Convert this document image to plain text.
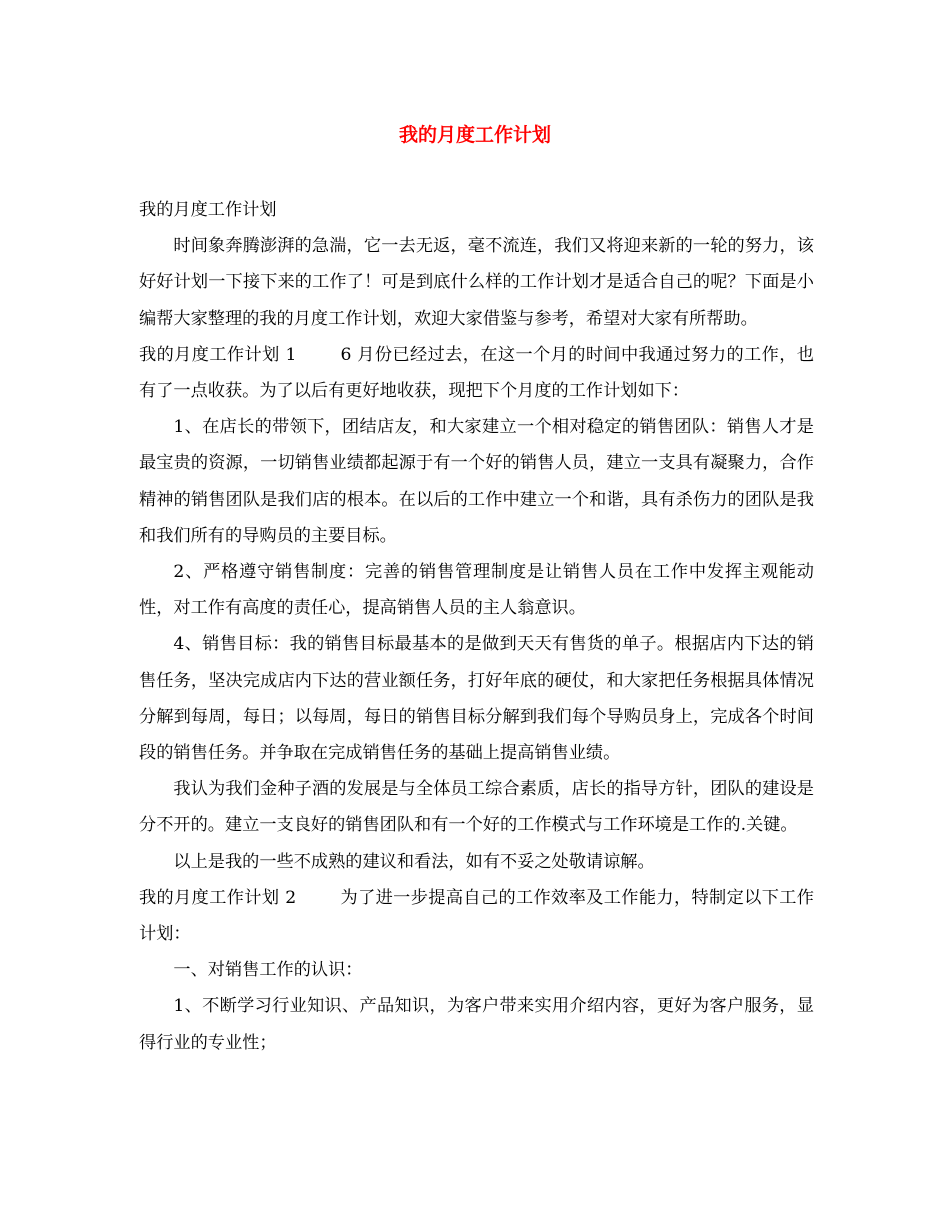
我的月度工作计划

我的月度工作计划

时间象奔腾澎湃的急湍，它一去无返，毫不流连，我们又将迎来新的一轮的努力，该好好计划一下接下来的工作了！可是到底什么样的工作计划才是适合自己的呢？下面是小编帮大家整理的我的月度工作计划，欢迎大家借鉴与参考，希望对大家有所帮助。

我的月度工作计划 1	6 月份已经过去，在这一个月的时间中我通过努力的工作，也有了一点收获。为了以后有更好地收获，现把下个月度的工作计划如下：

1、在店长的带领下，团结店友，和大家建立一个相对稳定的销售团队：销售人才是最宝贵的资源，一切销售业绩都起源于有一个好的销售人员，建立一支具有凝聚力，合作精神的销售团队是我们店的根本。在以后的工作中建立一个和谐，具有杀伤力的团队是我和我们所有的导购员的主要目标。

2、严格遵守销售制度：完善的销售管理制度是让销售人员在工作中发挥主观能动性，对工作有高度的责任心，提高销售人员的主人翁意识。

4、销售目标：我的销售目标最基本的是做到天天有售货的单子。根据店内下达的销售任务，坚决完成店内下达的营业额任务，打好年底的硬仗，和大家把任务根据具体情况分解到每周，每日；以每周，每日的销售目标分解到我们每个导购员身上，完成各个时间段的销售任务。并争取在完成销售任务的基础上提高销售业绩。

我认为我们金种子酒的发展是与全体员工综合素质，店长的指导方针，团队的建设是分不开的。建立一支良好的销售团队和有一个好的工作模式与工作环境是工作的.关键。

以上是我的一些不成熟的建议和看法，如有不妥之处敬请谅解。

我的月度工作计划 2	为了进一步提高自己的工作效率及工作能力，特制定以下工作计划：

一、对销售工作的认识：

1、不断学习行业知识、产品知识，为客户带来实用介绍内容，更好为客户服务，显得行业的专业性；
